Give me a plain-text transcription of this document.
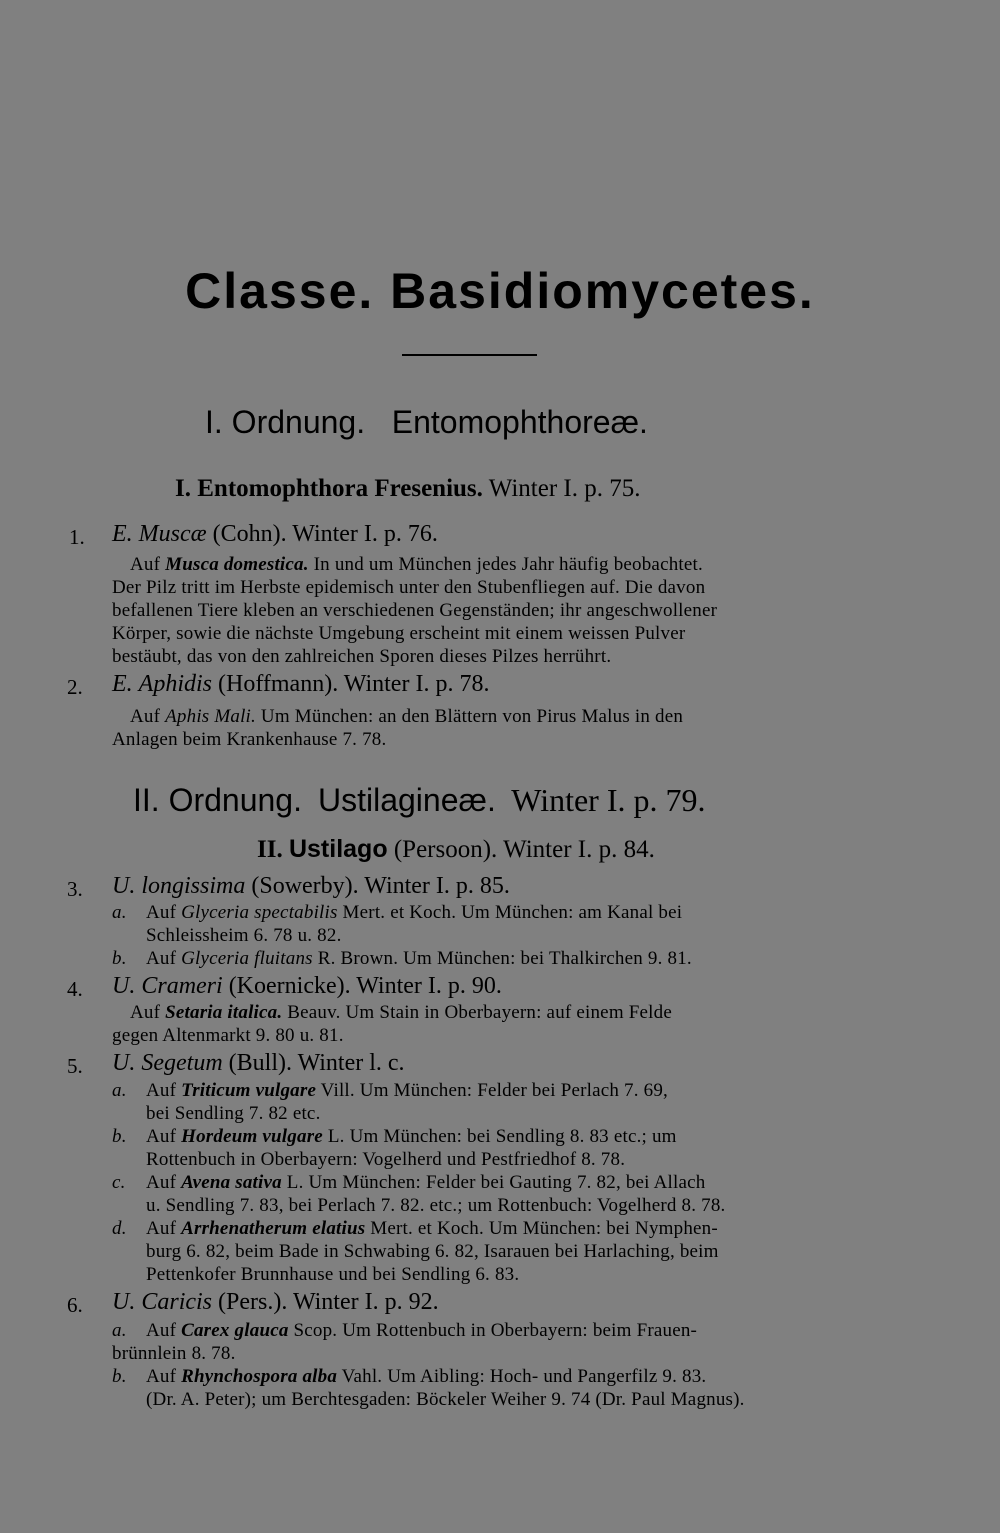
Classe. Basidiomycetes.
I. Ordnung. Entomophthoreæ.
I. Entomophthora Fresenius. Winter I. p. 75.
1. E. Muscæ (Cohn). Winter I. p. 76.
Auf Musca domestica. In und um München jedes Jahr häufig beobachtet.
Der Pilz tritt im Herbste epidemisch unter den Stubenfliegen auf. Die davon
befallenen Tiere kleben an verschiedenen Gegenständen; ihr angeschwollener
Körper, sowie die nächste Umgebung erscheint mit einem weissen Pulver
bestäubt, das von den zahlreichen Sporen dieses Pilzes herrührt.
2. E. Aphidis (Hoffmann). Winter I. p. 78.
Auf Aphis Mali. Um München: an den Blättern von Pirus Malus in den
Anlagen beim Krankenhause 7. 78.
II. Ordnung. Ustilagineæ. Winter I. p. 79.
II. Ustilago (Persoon). Winter I. p. 84.
3. U. longissima (Sowerby). Winter I. p. 85.
a. Auf Glyceria spectabilis Mert. et Koch. Um München: am Kanal bei
Schleissheim 6. 78 u. 82.
b. Auf Glyceria fluitans R. Brown. Um München: bei Thalkirchen 9. 81.
4. U. Crameri (Koernicke). Winter I. p. 90.
Auf Setaria italica. Beauv. Um Stain in Oberbayern: auf einem Felde
gegen Altenmarkt 9. 80 u. 81.
5. U. Segetum (Bull). Winter l. c.
a. Auf Triticum vulgare Vill. Um München: Felder bei Perlach 7. 69,
bei Sendling 7. 82 etc.
b. Auf Hordeum vulgare L. Um München: bei Sendling 8. 83 etc.; um
Rottenbuch in Oberbayern: Vogelherd und Pestfriedhof 8. 78.
c. Auf Avena sativa L. Um München: Felder bei Gauting 7. 82, bei Allach
u. Sendling 7. 83, bei Perlach 7. 82. etc.; um Rottenbuch: Vogelherd 8. 78.
d. Auf Arrhenatherum elatius Mert. et Koch. Um München: bei Nymphen-
burg 6. 82, beim Bade in Schwabing 6. 82, Isarauen bei Harlaching, beim
Pettenkofer Brunnhause und bei Sendling 6. 83.
6. U. Caricis (Pers.). Winter I. p. 92.
a. Auf Carex glauca Scop. Um Rottenbuch in Oberbayern: beim Frauen-
brünnlein 8. 78.
b. Auf Rhynchospora alba Vahl. Um Aibling: Hoch- und Pangerfilz 9. 83.
(Dr. A. Peter); um Berchtesgaden: Böckeler Weiher 9. 74 (Dr. Paul Magnus).
